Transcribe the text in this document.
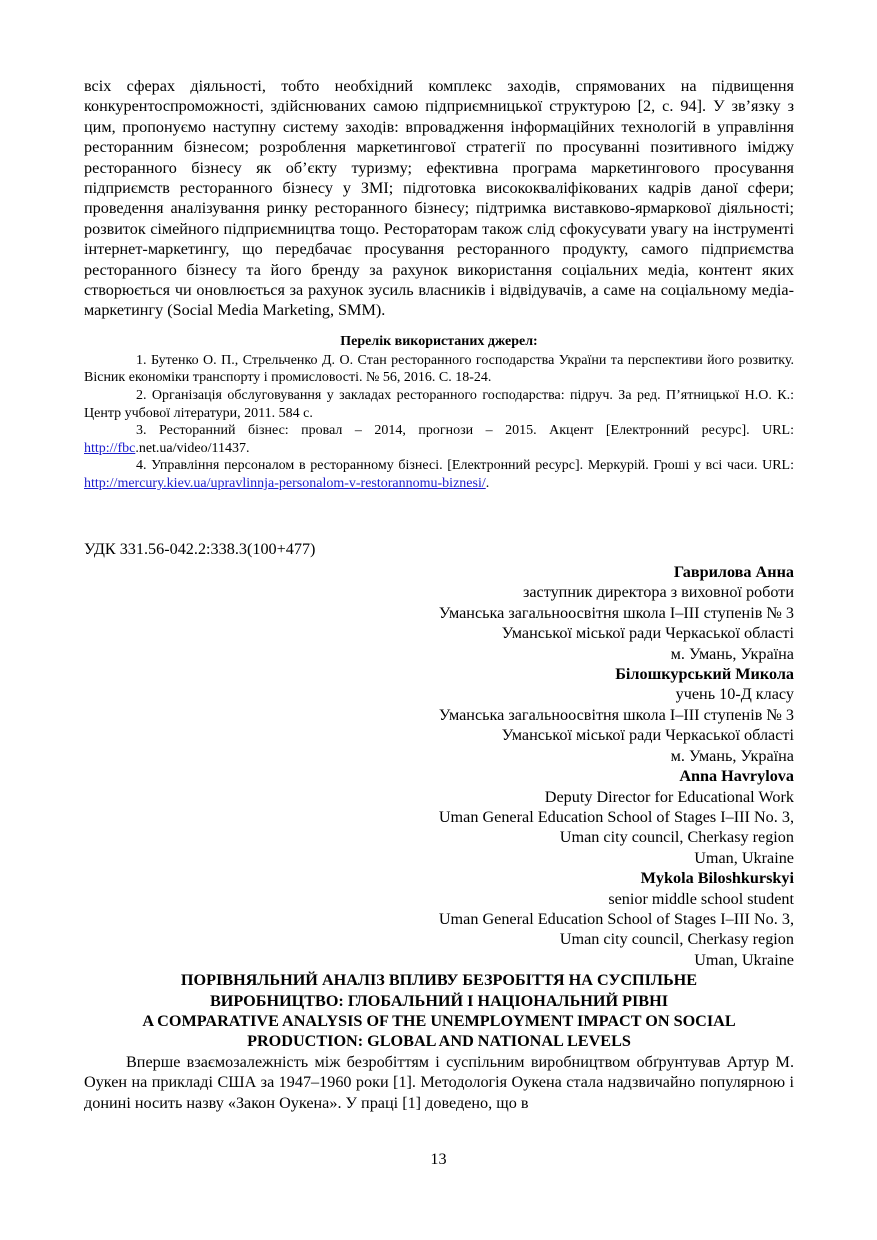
всіх сферах діяльності, тобто необхідний комплекс заходів, спрямованих на підвищення конкурентоспроможності, здійснюваних самою підприємницької структурою [2, с. 94]. У зв’язку з цим, пропонуємо наступну систему заходів: впровадження інформаційних технологій в управління ресторанним бізнесом; розроблення маркетингової стратегії по просуванні позитивного іміджу ресторанного бізнесу як об’єкту туризму; ефективна програма маркетингового просування підприємств ресторанного бізнесу у ЗМІ; підготовка висококваліфікованих кадрів даної сфери; проведення аналізування ринку ресторанного бізнесу; підтримка виставково-ярмаркової діяльності; розвиток сімейного підприємництва тощо. Рестораторам також слід сфокусувати увагу на інструменті інтернет-маркетингу, що передбачає просування ресторанного продукту, самого підприємства ресторанного бізнесу та його бренду за рахунок використання соціальних медіа, контент яких створюється чи оновлюється за рахунок зусиль власників і відвідувачів, а саме на соціальному медіа-маркетингу (Social Media Marketing, SMM).

Перелік використаних джерел:

1. Бутенко О. П., Стрельченко Д. О. Стан ресторанного господарства України та перспективи його розвитку. Вісник економіки транспорту і промисловості. № 56, 2016. С. 18-24.

2. Організація обслуговування у закладах ресторанного господарства: підруч. За ред. П’ятницької Н.О. К.: Центр учбової літератури, 2011. 584 с.

3. Ресторанний бізнес: провал – 2014, прогнози – 2015. Акцент [Електронний ресурс]. URL: http://fbc.net.ua/video/11437.

4. Управління персоналом в ресторанному бізнесі. [Електронний ресурс]. Меркурій. Гроші у всі часи. URL: http://mercury.kiev.ua/upravlinnja-personalom-v-restorannomu-biznesi/.

УДК 331.56-042.2:338.3(100+477)
Гаврилова Анна
заступник директора з виховної роботи
Уманська загальноосвітня школа І–ІІІ ступенів № 3
Уманської міської ради Черкаської області
м. Умань, Україна
Білошкурський Микола
учень 10-Д класу
Уманська загальноосвітня школа І–ІІІ ступенів № 3
Уманської міської ради Черкаської області
м. Умань, Україна
Anna Havrylova
Deputy Director for Educational Work
Uman General Education School of Stages I–III No. 3,
Uman city council, Cherkasy region
Uman, Ukraine
Mykola Biloshkurskyi
senior middle school student
Uman General Education School of Stages I–III No. 3,
Uman city council, Cherkasy region
Uman, Ukraine
ПОРІВНЯЛЬНИЙ АНАЛІЗ ВПЛИВУ БЕЗРОБІТТЯ НА СУСПІЛЬНЕ
ВИРОБНИЦТВО: ГЛОБАЛЬНИЙ І НАЦІОНАЛЬНИЙ РІВНІ
A COMPARATIVE ANALYSIS OF THE UNEMPLOYMENT IMPACT ON SOCIAL
PRODUCTION: GLOBAL AND NATIONAL LEVELS

Вперше взаємозалежність між безробіттям і суспільним виробництвом обґрунтував Артур М. Оукен на прикладі США за 1947–1960 роки [1]. Методологія Оукена стала надзвичайно популярною і донині носить назву «Закон Оукена». У праці [1] доведено, що в

13
